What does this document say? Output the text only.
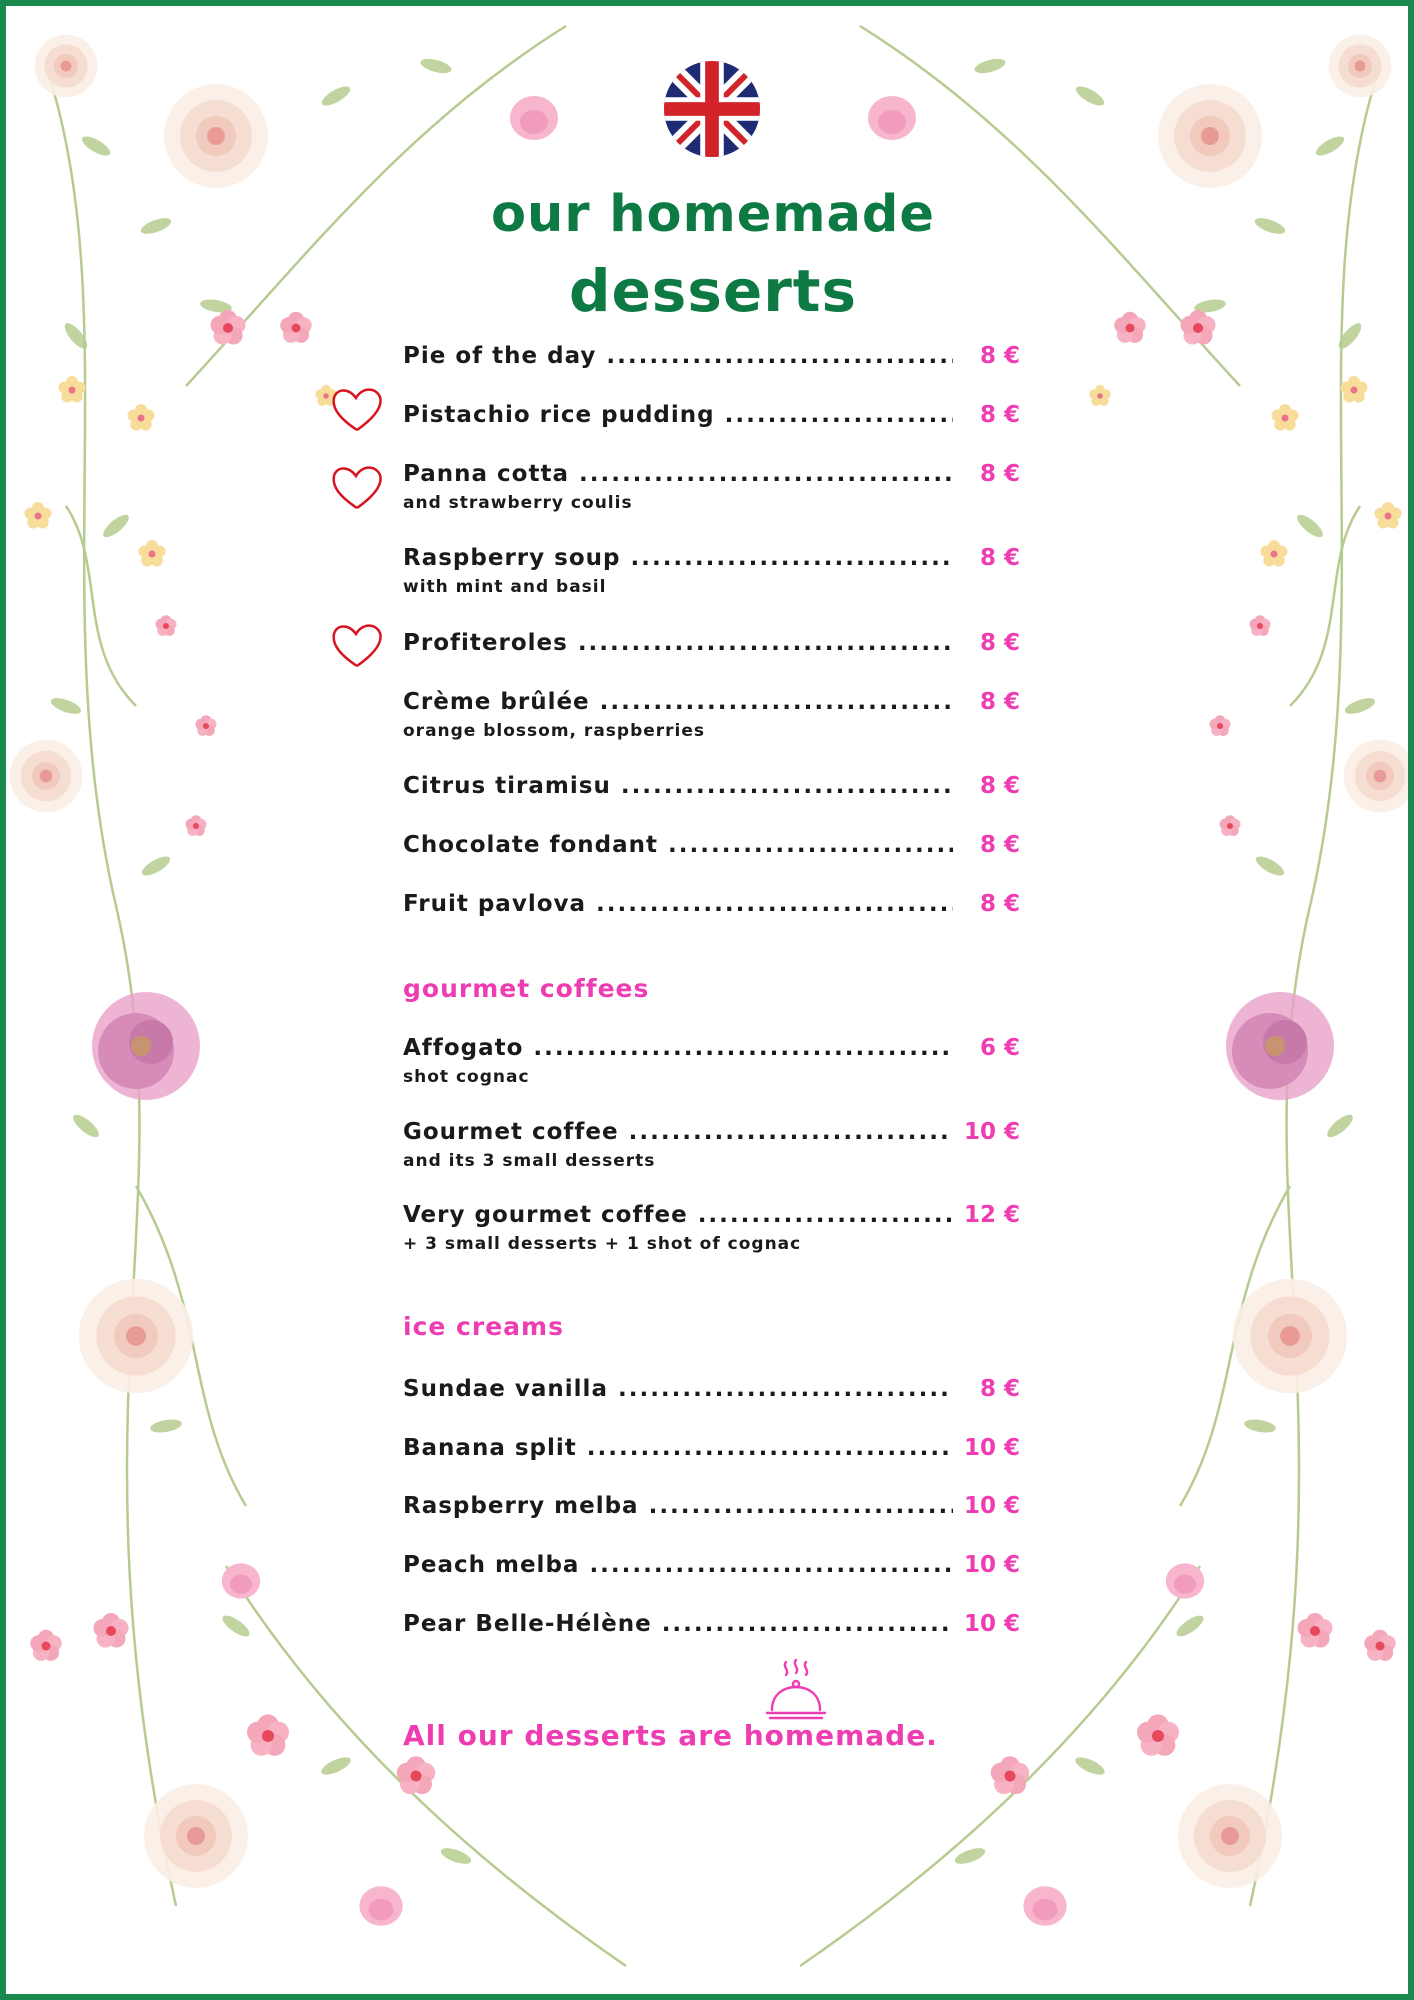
our homemade
desserts
Pie of the day .....	8 €
Pistachio rice pudding .....	8 €
Panna cotta .....	8 €
and strawberry coulis
Raspberry soup .....	8 €
with mint and basil
Profiteroles .....	8 €
Crème brûlée .....	8 €
orange blossom, raspberries
Citrus tiramisu .....	8 €
Chocolate fondant .....	8 €
Fruit pavlova .....	8 €
gourmet coffees
Affogato .....	6 €
shot cognac
Gourmet coffee .....	10 €
and its 3 small desserts
Very gourmet coffee .....	12 €
+ 3 small desserts + 1 shot of cognac
ice creams
Sundae vanilla .....	8 €
Banana split .....	10 €
Raspberry melba .....	10 €
Peach melba .....	10 €
Pear Belle-Hélène .....	10 €
All our desserts are homemade.
